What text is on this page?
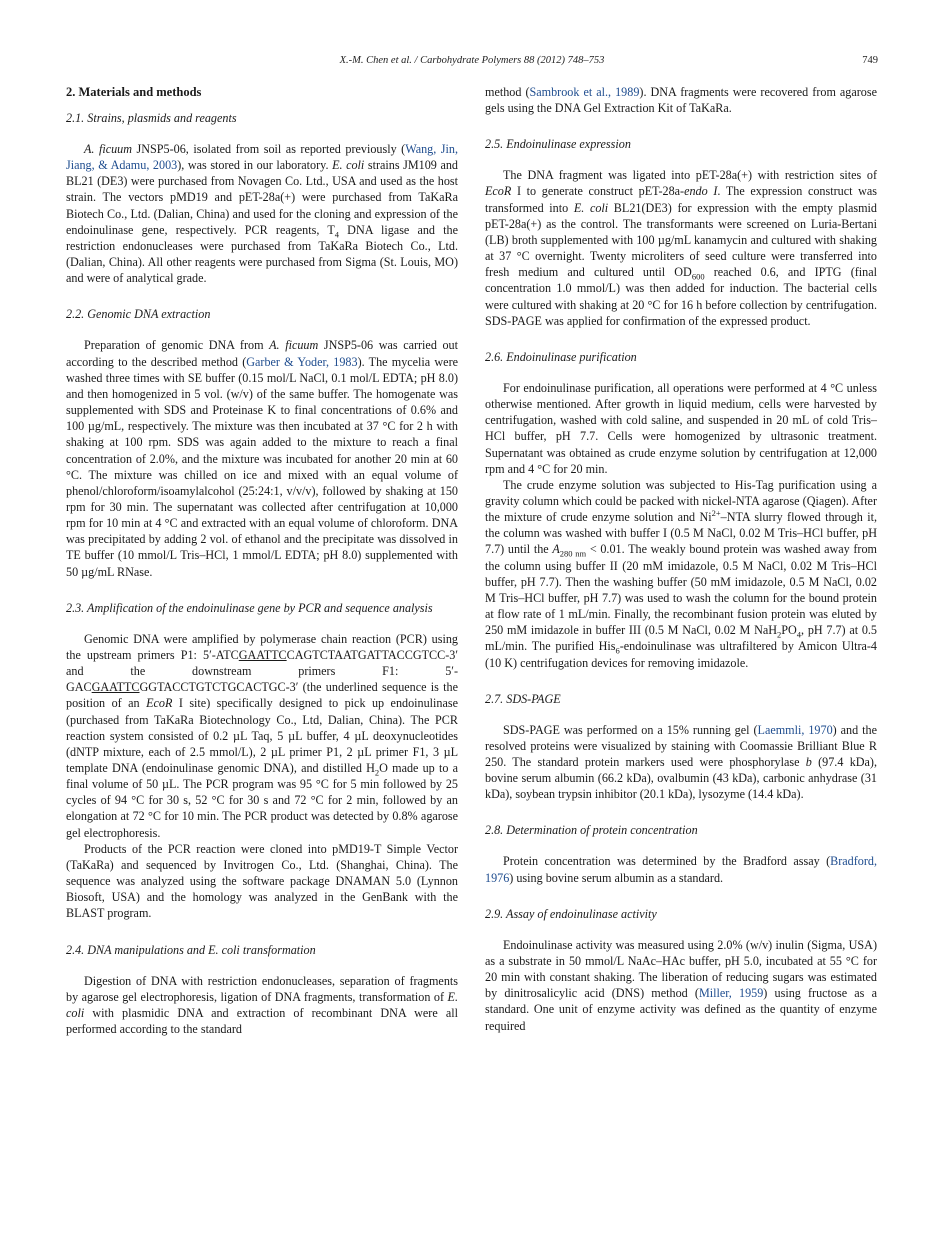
X.-M. Chen et al. / Carbohydrate Polymers 88 (2012) 748–753	749
2. Materials and methods
2.1. Strains, plasmids and reagents

A. ficuum JNSP5-06, isolated from soil as reported previously (Wang, Jin, Jiang, & Adamu, 2003), was stored in our laboratory. E. coli strains JM109 and BL21 (DE3) were purchased from Novagen Co. Ltd., USA and used as the host strain. The vectors pMD19 and pET-28a(+) were purchased from TaKaRa Biotech Co., Ltd. (Dalian, China) and used for the cloning and expression of the endoinulinase gene, respectively. PCR reagents, $T_4$ DNA ligase and the restriction endonucleases were purchased from TaKaRa Biotech Co., Ltd. (Dalian, China). All other reagents were purchased from Sigma (St. Louis, MO) and were of analytical grade.

2.2. Genomic DNA extraction

Preparation of genomic DNA from A. ficuum JNSP5-06 was carried out according to the described method (Garber & Yoder, 1983). The mycelia were washed three times with SE buffer (0.15 mol/L NaCl, 0.1 mol/L EDTA; pH 8.0) and then homogenized in 5 vol. (w/v) of the same buffer. The homogenate was supplemented with SDS and Proteinase K to final concentrations of 0.6% and 100 µg/mL, respectively. The mixture was then incubated at 37 °C for 2 h with shaking at 100 rpm. SDS was again added to the mixture to reach a final concentration of 2.0%, and the mixture was incubated for another 20 min at 60 °C. The mixture was chilled on ice and mixed with an equal volume of phenol/chloroform/isoamylalcohol (25:24:1, v/v/v), followed by shaking at 150 rpm for 30 min. The supernatant was collected after centrifugation at 10,000 rpm for 10 min at 4 °C and extracted with an equal volume of chloroform. DNA was precipitated by adding 2 vol. of ethanol and the precipitate was dissolved in TE buffer (10 mmol/L Tris–HCl, 1 mmol/L EDTA; pH 8.0) supplemented with 50 µg/mL RNase.

2.3. Amplification of the endoinulinase gene by PCR and sequence analysis

Genomic DNA were amplified by polymerase chain reaction (PCR) using the upstream primers P1: 5′-ATCGAATTCCAGTCTAATGATTACCGTCC-3′ and the downstream primers F1: 5′-GACGAATTCGGTACCTGTCTGCACTGC-3′ (the underlined sequence is the position of an EcoR I site) specifically designed to pick up endoinulinase (purchased from TaKaRa Biotechnology Co., Ltd, Dalian, China). The PCR reaction system consisted of 0.2 µL Taq, 5 µL buffer, 4 µL deoxynucleotides (dNTP mixture, each of 2.5 mmol/L), 2 µL primer P1, 2 µL primer F1, 3 µL template DNA (endoinulinase genomic DNA), and distilled $H_2O$ made up to a final volume of 50 µL. The PCR program was 95 °C for 5 min followed by 25 cycles of 94 °C for 30 s, 52 °C for 30 s and 72 °C for 2 min, followed by an elongation at 72 °C for 10 min. The PCR product was detected by 0.8% agarose gel electrophoresis.

Products of the PCR reaction were cloned into pMD19-T Simple Vector (TaKaRa) and sequenced by Invitrogen Co., Ltd. (Shanghai, China). The sequence was analyzed using the software package DNAMAN 5.0 (Lynnon Biosoft, USA) and the homology was analyzed in the GenBank with the BLAST program.

2.4. DNA manipulations and E. coli transformation

Digestion of DNA with restriction endonucleases, separation of fragments by agarose gel electrophoresis, ligation of DNA fragments, transformation of E. coli with plasmidic DNA and extraction of recombinant DNA were all performed according to the standard

method (Sambrook et al., 1989). DNA fragments were recovered from agarose gels using the DNA Gel Extraction Kit of TaKaRa.

2.5. Endoinulinase expression

The DNA fragment was ligated into pET-28a(+) with restriction sites of EcoR I to generate construct pET-28a-endo I. The expression construct was transformed into E. coli BL21(DE3) for expression with the empty plasmid pET-28a(+) as the control. The transformants were screened on Luria-Bertani (LB) broth supplemented with 100 µg/mL kanamycin and cultured with shaking at 37 °C overnight. Twenty microliters of seed culture were transferred into fresh medium and cultured until $OD_{600}$ reached 0.6, and IPTG (final concentration 1.0 mmol/L) was then added for induction. The bacterial cells were cultured with shaking at 20 °C for 16 h before collection by centrifugation. SDS-PAGE was applied for confirmation of the expressed product.

2.6. Endoinulinase purification

For endoinulinase purification, all operations were performed at 4 °C unless otherwise mentioned. After growth in liquid medium, cells were harvested by centrifugation, washed with cold saline, and suspended in 20 mL of cold Tris–HCl buffer, pH 7.7. Cells were homogenized by ultrasonic treatment. Supernatant was obtained as crude enzyme solution by centrifugation at 12,000 rpm and 4 °C for 20 min.

The crude enzyme solution was subjected to His-Tag purification using a gravity column which could be packed with nickel-NTA agarose (Qiagen). After the mixture of crude enzyme solution and $Ni^{2+}$–NTA slurry flowed through it, the column was washed with buffer I (0.5 M NaCl, 0.02 M Tris–HCl buffer, pH 7.7) until the $A_{280 nm} < 0.01$. The weakly bound protein was washed away from the column using buffer II (20 mM imidazole, 0.5 M NaCl, 0.02 M Tris–HCl buffer, pH 7.7). Then the washing buffer (50 mM imidazole, 0.5 M NaCl, 0.02 M Tris–HCl buffer, pH 7.7) was used to wash the column for the bound protein at flow rate of 1 mL/min. Finally, the recombinant fusion protein was eluted by 250 mM imidazole in buffer III (0.5 M NaCl, 0.02 M $NaH_2PO_4$, pH 7.7) at 0.5 mL/min. The purified His$_6$-endoinulinase was ultrafiltered by Amicon Ultra-4 (10 K) centrifugation devices for removing imidazole.

2.7. SDS-PAGE

SDS-PAGE was performed on a 15% running gel (Laemmli, 1970) and the resolved proteins were visualized by staining with Coomassie Brilliant Blue R 250. The standard protein markers used were phosphorylase b (97.4 kDa), bovine serum albumin (66.2 kDa), ovalbumin (43 kDa), carbonic anhydrase (31 kDa), soybean trypsin inhibitor (20.1 kDa), lysozyme (14.4 kDa).

2.8. Determination of protein concentration

Protein concentration was determined by the Bradford assay (Bradford, 1976) using bovine serum albumin as a standard.

2.9. Assay of endoinulinase activity

Endoinulinase activity was measured using 2.0% (w/v) inulin (Sigma, USA) as a substrate in 50 mmol/L NaAc–HAc buffer, pH 5.0, incubated at 55 °C for 20 min with constant shaking. The liberation of reducing sugars was estimated by dinitrosalicylic acid (DNS) method (Miller, 1959) using fructose as a standard. One unit of enzyme activity was defined as the quantity of enzyme required
